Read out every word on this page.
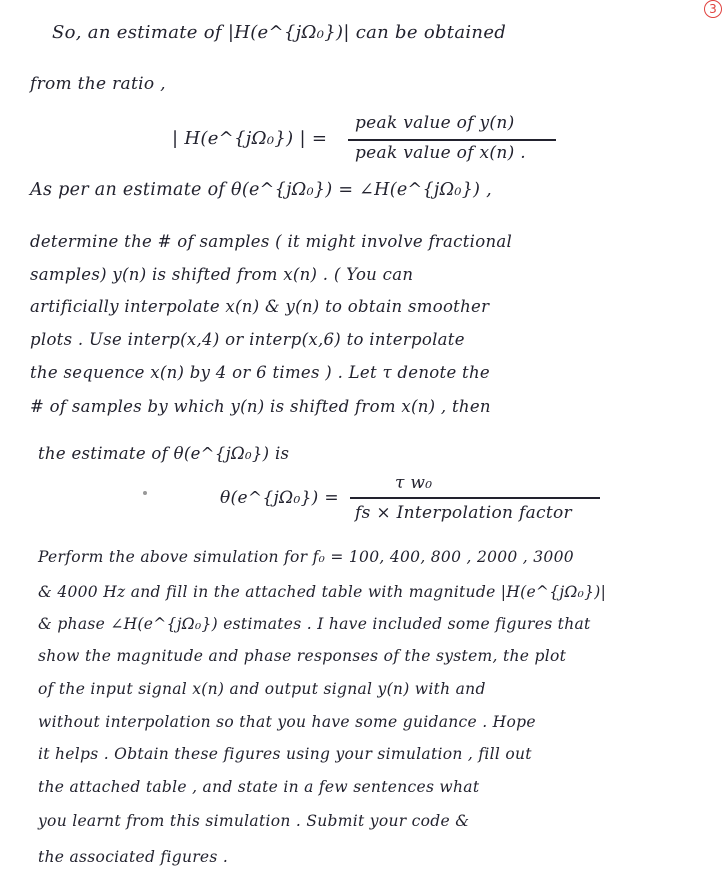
3
So, an estimate of |H(e^{jΩ₀})| can be obtained
from the ratio ,
| H(e^{jΩ₀}) | =
peak value of y(n)
peak value of x(n) .
As per an estimate of θ(e^{jΩ₀}) = ∠H(e^{jΩ₀}) ,
determine the # of samples ( it might involve fractional
samples) y(n) is shifted from x(n) . ( You can
artificially interpolate x(n) & y(n) to obtain smoother
plots . Use interp(x,4) or interp(x,6) to interpolate
the sequence x(n) by 4 or 6 times ) . Let τ denote the
# of samples by which y(n) is shifted from x(n) , then
the estimate of θ(e^{jΩ₀}) is
θ(e^{jΩ₀}) =
τ w₀
fs × Interpolation factor
Perform the above simulation for f₀ = 100, 400, 800 , 2000 , 3000
& 4000 Hz and fill in the attached table with magnitude |H(e^{jΩ₀})|
& phase ∠H(e^{jΩ₀}) estimates . I have included some figures that
show the magnitude and phase responses of the system, the plot
of the input signal x(n) and output signal y(n) with and
without interpolation so that you have some guidance . Hope
it helps . Obtain these figures using your simulation , fill out
the attached table , and state in a few sentences what
you learnt from this simulation . Submit your code &
the associated figures .
